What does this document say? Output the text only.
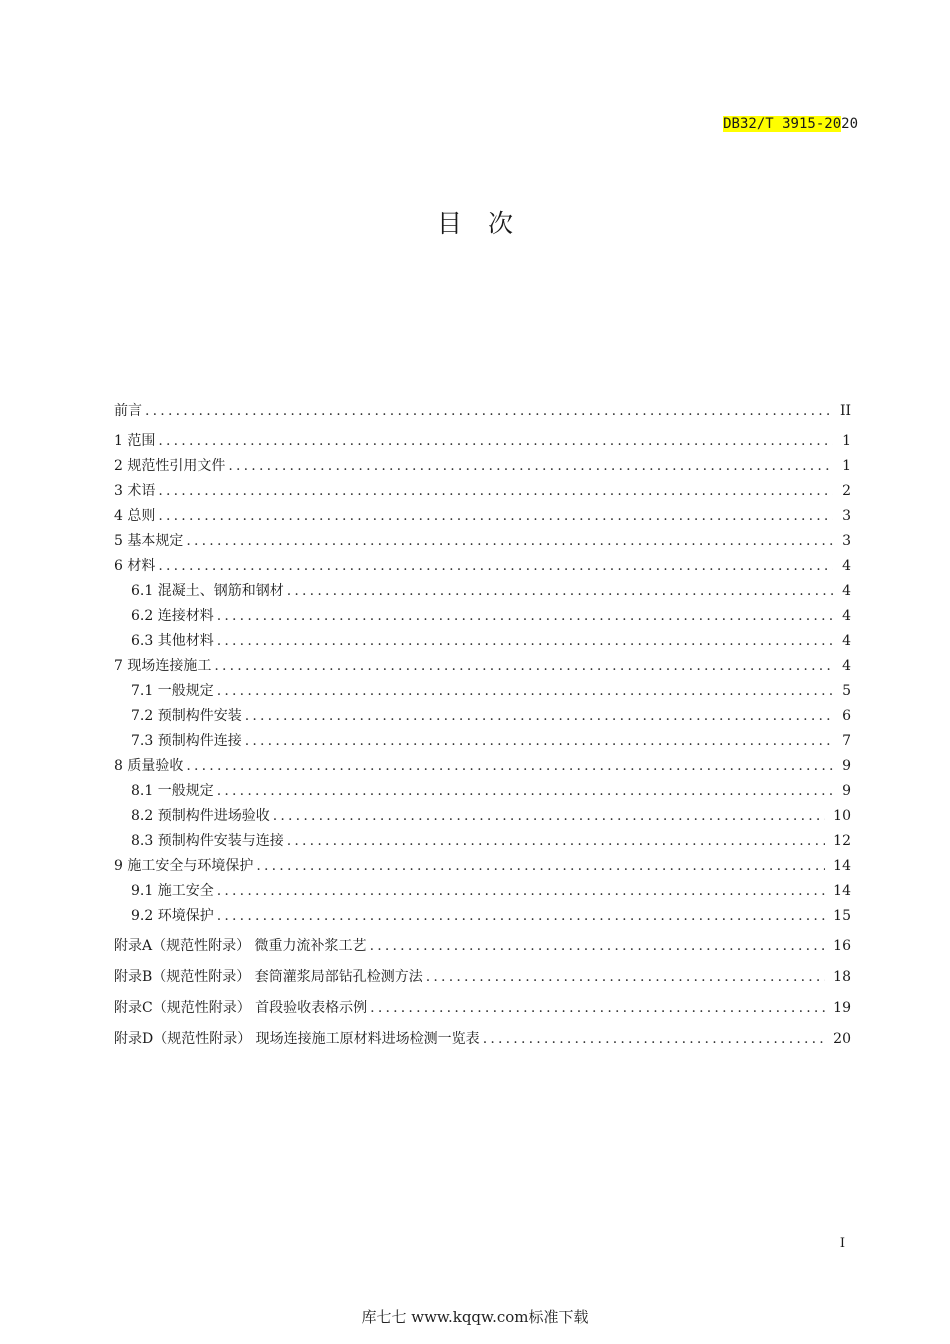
DB32/T 3915-2020
目次
前言 .....	II
1 范围 .....	1
2 规范性引用文件 .....	1
3 术语 .....	2
4 总则 .....	3
5 基本规定 .....	3
6 材料 .....	4
6.1 混凝土、钢筋和钢材 .....	4
6.2 连接材料 .....	4
6.3 其他材料 .....	4
7 现场连接施工 .....	4
7.1 一般规定 .....	5
7.2 预制构件安装 .....	6
7.3 预制构件连接 .....	7
8 质量验收 .....	9
8.1 一般规定 .....	9
8.2 预制构件进场验收 .....	10
8.3 预制构件安装与连接 .....	12
9 施工安全与环境保护 .....	14
9.1 施工安全 .....	14
9.2 环境保护 .....	15
附录A（规范性附录） 微重力流补浆工艺 .....	16
附录B（规范性附录） 套筒灌浆局部钻孔检测方法 .....	18
附录C（规范性附录） 首段验收表格示例 .....	19
附录D（规范性附录） 现场连接施工原材料进场检测一览表 .....	20
I
库七七 www.kqqw.com标准下载
